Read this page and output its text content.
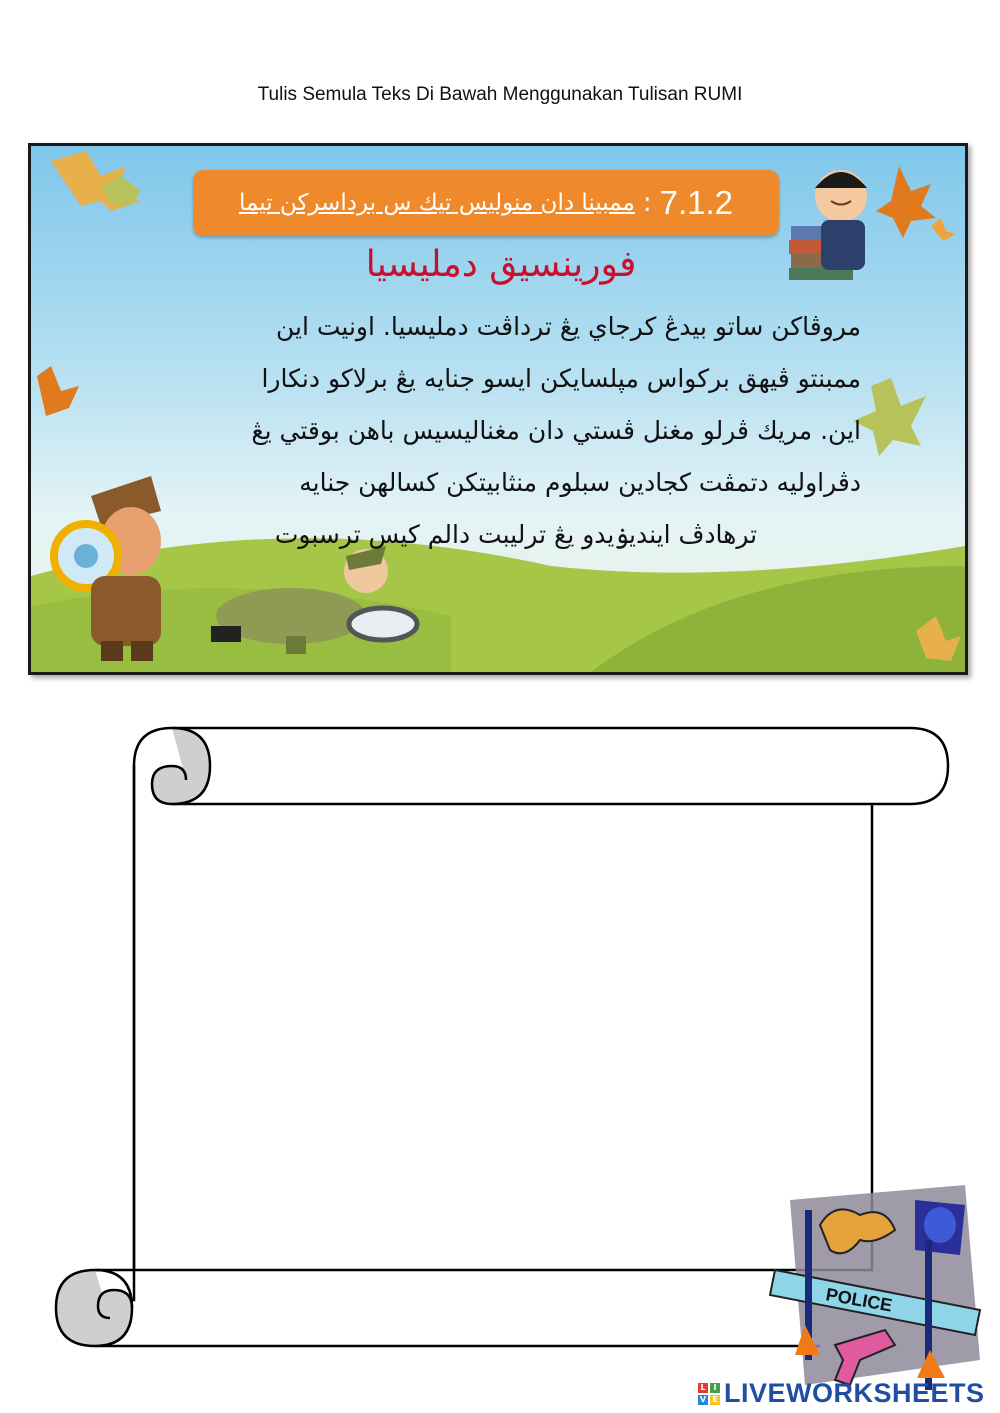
Tulis Semula Teks Di Bawah Menggunakan Tulisan RUMI
7.1.2
:
ممبينا دان منوليس تيك س برداسرکن تيما
فورينسيق دمليسيا

مروڤاكن ساتو بيدڠ كرجاي يڠ ترداڤت دمليسيا. اونيت اين

ممبنتو ڤيهق بركواس مپلسايكن ايسو جنايه يڠ برلاكو دنكارا

اين. مريك ڤرلو مغنل ڤستي دان مغناليسيس باهن بوقتي يڠ

دڤراوليه دتمڤت كجادين سبلوم منثابيتكن كسالهن جنايه

ترهادڤ اينديۏيدو يڠ ترليبت دالم كيس ترسبوت

POLICE
L I
V E LIVEWORKSHEETS
